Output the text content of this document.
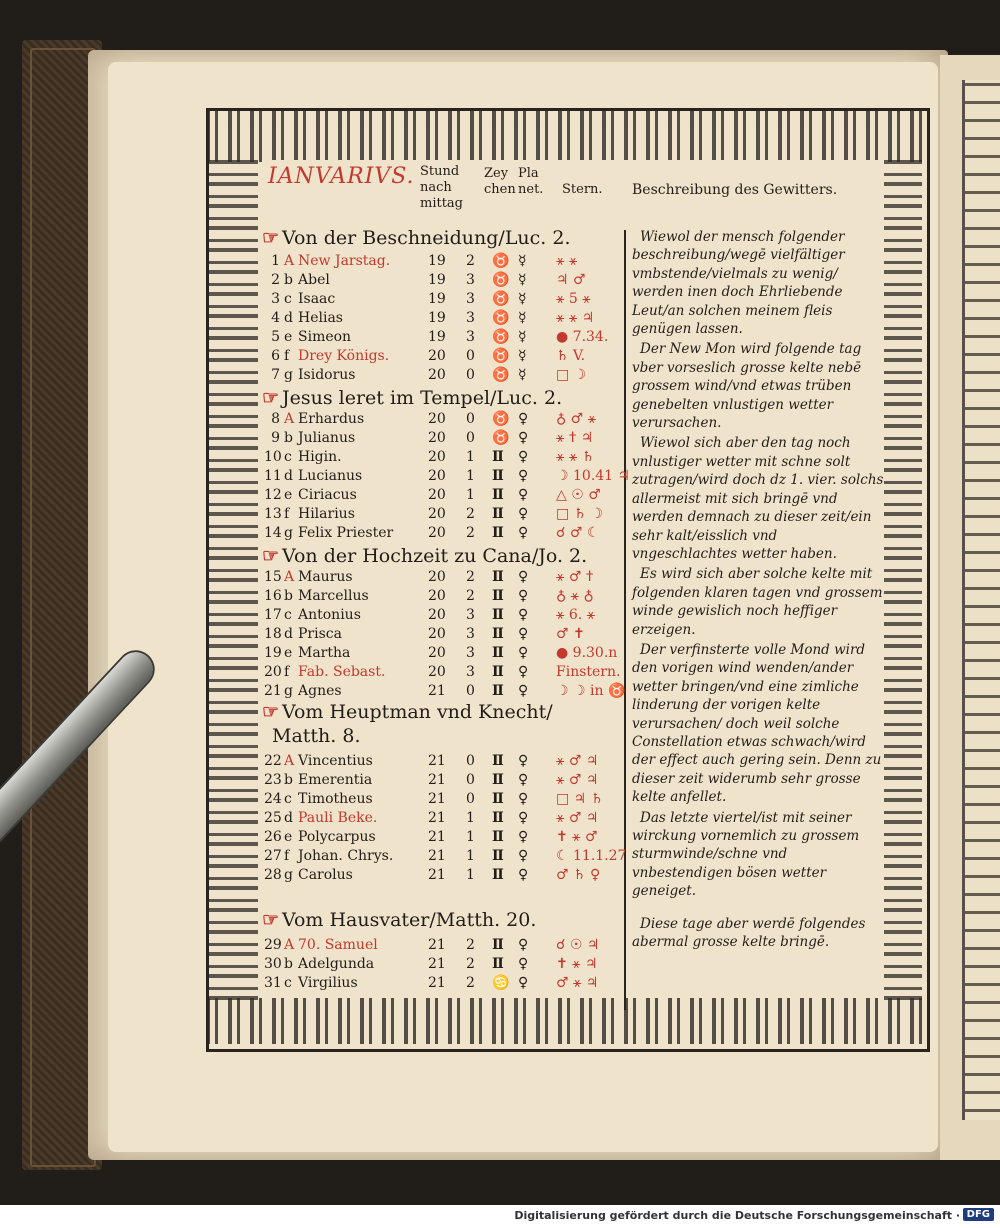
IANVARIVS. Stund nach mittag
Zey chen
Pla net.	Stern.	Beschreibung des Gewitters.
☞ Von der Beschneidung/Luc. 2.
☞ Jesus leret im Tempel/Luc. 2.
☞ Von der Hochzeit zu Cana/Jo. 2.
☞ Vom Heuptman vnd Knecht/
Matth. 8.
☞ Vom Hausvater/Matth. 20.
1 A New Jarstag.	19	2 ♉ ☿	⚹ ⚹
2 b Abel	19	3 ♉ ☿	♃ ♂
3 c Isaac	19	3 ♉ ☿	⚹ 5 ⚹
4 d Helias	19	3 ♉ ☿	⚹ ⚹ ♃
5 e Simeon	19	3 ♉ ☿	● 7.34.
6 f Drey Königs.	20	0 ♉ ☿	♄ V.
7 g Isidorus	20	0 ♉ ☿	□ ☽
8 A Erhardus	20	0 ♉ ♀	♁ ♂ ⚹
9 b Julianus	20	0 ♉ ♀	⚹ ✝ ♃
10 c Higin.	20	1 Ⅱ	♀	⚹ ⚹ ♄
11 d Lucianus	20	1 Ⅱ	♀	☽ 10.41 ♃
12 e Ciriacus	20	1 Ⅱ	♀	△ ☉ ♂
13 f Hilarius	20	2 Ⅱ	♀	□ ♄ ☽
14 g Felix Priester	20	2 Ⅱ	♀	☌ ♂ ☾
15 A Maurus	20	2 Ⅱ	♀	⚹ ♂ ✝
16 b Marcellus	20	2 Ⅱ	♀	♁ ⚹ ♁
17 c Antonius	20	3 Ⅱ	♀	⚹ 6. ⚹
18 d Prisca	20	3 Ⅱ	♀	♂ ✝
19 e Martha	20	3 Ⅱ	♀	● 9.30.n
20 f Fab. Sebast.	20	3 Ⅱ	♀	Finstern.
21 g Agnes	21	0 Ⅱ	♀	☽ ☽ in ♉
22 A Vincentius	21	0 Ⅱ	♀	⚹ ♂ ♃
23 b Emerentia	21	0 Ⅱ	♀	⚹ ♂ ♃
24 c Timotheus	21	0 Ⅱ	♀	□ ♃ ♄
25 d Pauli Beke.	21	1 Ⅱ	♀	⚹ ♂ ♃
26 e Polycarpus	21	1 Ⅱ	♀	✝ ⚹ ♂
27 f Johan. Chrys.	21	1 Ⅱ	♀	☾ 11.1.27
28 g Carolus	21	1 Ⅱ	♀	♂ ♄ ♀
29 A 70. Samuel	21	2 Ⅱ	♀	☌ ☉ ♃
30 b Adelgunda	21	2 Ⅱ	♀	✝ ⚹ ♃
31 c Virgilius	21	2 ♋ ♀	♂ ⚹ ♃

Wiewol der mensch folgender beschreibung/wegē vielfältiger vmbstende/vielmals zu wenig/ werden inen doch Ehrliebende Leut/an solchen meinem fleis genügen lassen.

Der New Mon wird folgende tag vber vorseslich grosse kelte nebē grossem wind/vnd etwas trüben genebelten vnlustigen wetter verursachen.

Wiewol sich aber den tag noch vnlustiger wetter mit schne solt zutragen/wird doch dz 1. vier. solchs allermeist mit sich bringē vnd werden demnach zu dieser zeit/ein sehr kalt/eisslich vnd vngeschlachtes wetter haben.

Es wird sich aber solche kelte mit folgenden klaren tagen vnd grossem winde gewislich noch heffiger erzeigen.

Der verfinsterte volle Mond wird den vorigen wind wenden/ander wetter bringen/vnd eine zimliche linderung der vorigen kelte verursachen/ doch weil solche Constellation etwas schwach/wird der effect auch gering sein. Denn zu dieser zeit widerumb sehr grosse kelte anfellet.

Das letzte viertel/ist mit seiner wirckung vornemlich zu grossem sturmwinde/schne vnd vnbestendigen bösen wetter geneiget.

Diese tage aber werdē folgendes abermal grosse kelte bringē.

Digitalisierung gefördert durch die Deutsche Forschungsgemeinschaft · DFG
